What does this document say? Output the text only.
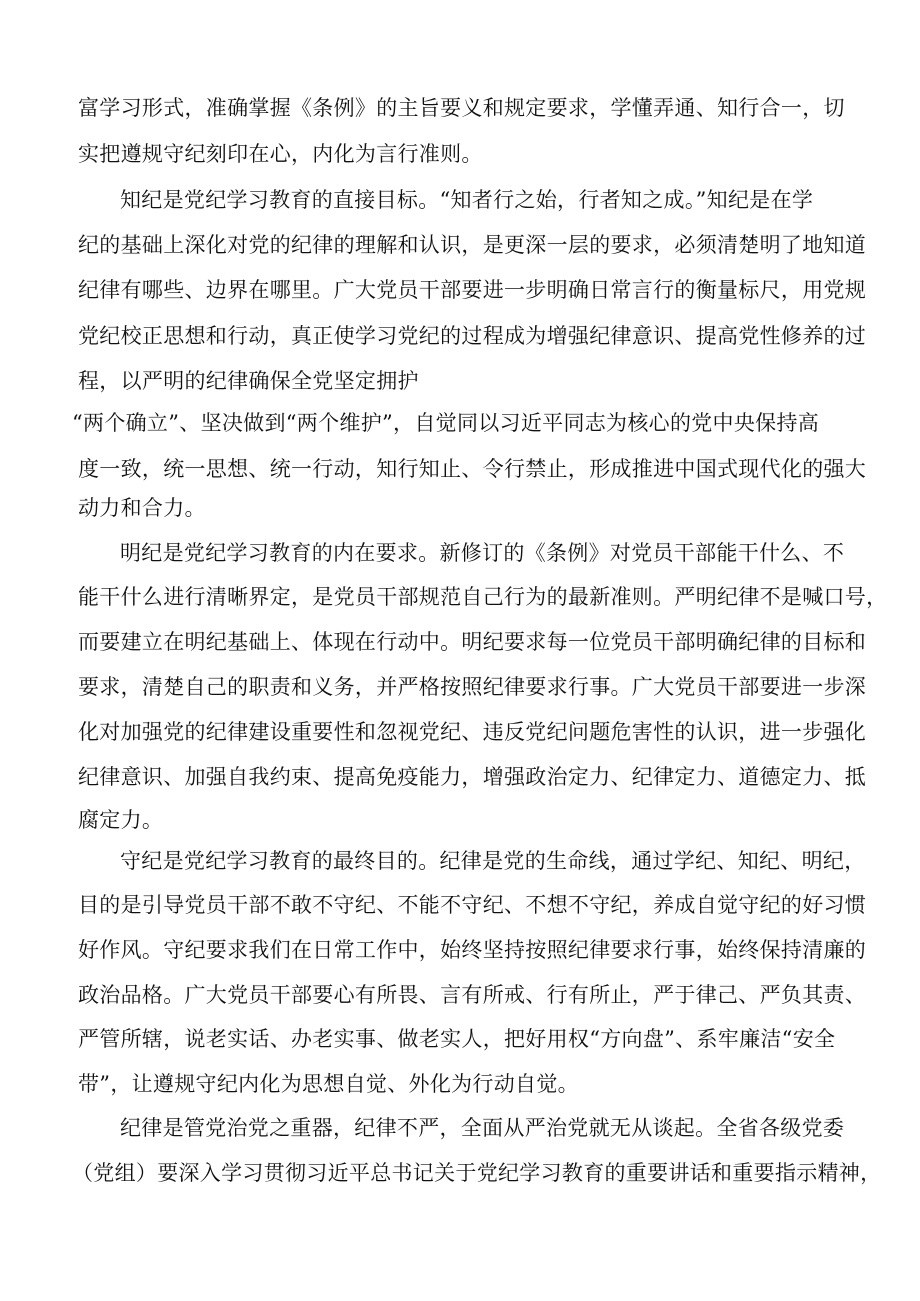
富学习形式，准确掌握《条例》的主旨要义和规定要求，学懂弄通、知行合一，切
实把遵规守纪刻印在心，内化为言行准则。
知纪是党纪学习教育的直接目标。“知者行之始，行者知之成。”知纪是在学
纪的基础上深化对党的纪律的理解和认识，是更深一层的要求，必须清楚明了地知道
纪律有哪些、边界在哪里。广大党员干部要进一步明确日常言行的衡量标尺，用党规
党纪校正思想和行动，真正使学习党纪的过程成为增强纪律意识、提高党性修养的过
程，以严明的纪律确保全党坚定拥护
“两个确立”、坚决做到“两个维护”，自觉同以习近平同志为核心的党中央保持高
度一致，统一思想、统一行动，知行知止、令行禁止，形成推进中国式现代化的强大
动力和合力。
明纪是党纪学习教育的内在要求。新修订的《条例》对党员干部能干什么、不
能干什么进行清晰界定，是党员干部规范自己行为的最新准则。严明纪律不是喊口号，
而要建立在明纪基础上、体现在行动中。明纪要求每一位党员干部明确纪律的目标和
要求，清楚自己的职责和义务，并严格按照纪律要求行事。广大党员干部要进一步深
化对加强党的纪律建设重要性和忽视党纪、违反党纪问题危害性的认识，进一步强化
纪律意识、加强自我约束、提高免疫能力，增强政治定力、纪律定力、道德定力、抵
腐定力。
守纪是党纪学习教育的最终目的。纪律是党的生命线，通过学纪、知纪、明纪，
目的是引导党员干部不敢不守纪、不能不守纪、不想不守纪，养成自觉守纪的好习惯
好作风。守纪要求我们在日常工作中，始终坚持按照纪律要求行事，始终保持清廉的
政治品格。广大党员干部要心有所畏、言有所戒、行有所止，严于律己、严负其责、
严管所辖，说老实话、办老实事、做老实人，把好用权“方向盘”、系牢廉洁“安全
带”，让遵规守纪内化为思想自觉、外化为行动自觉。
纪律是管党治党之重器，纪律不严，全面从严治党就无从谈起。全省各级党委
（党组）要深入学习贯彻习近平总书记关于党纪学习教育的重要讲话和重要指示精神，
